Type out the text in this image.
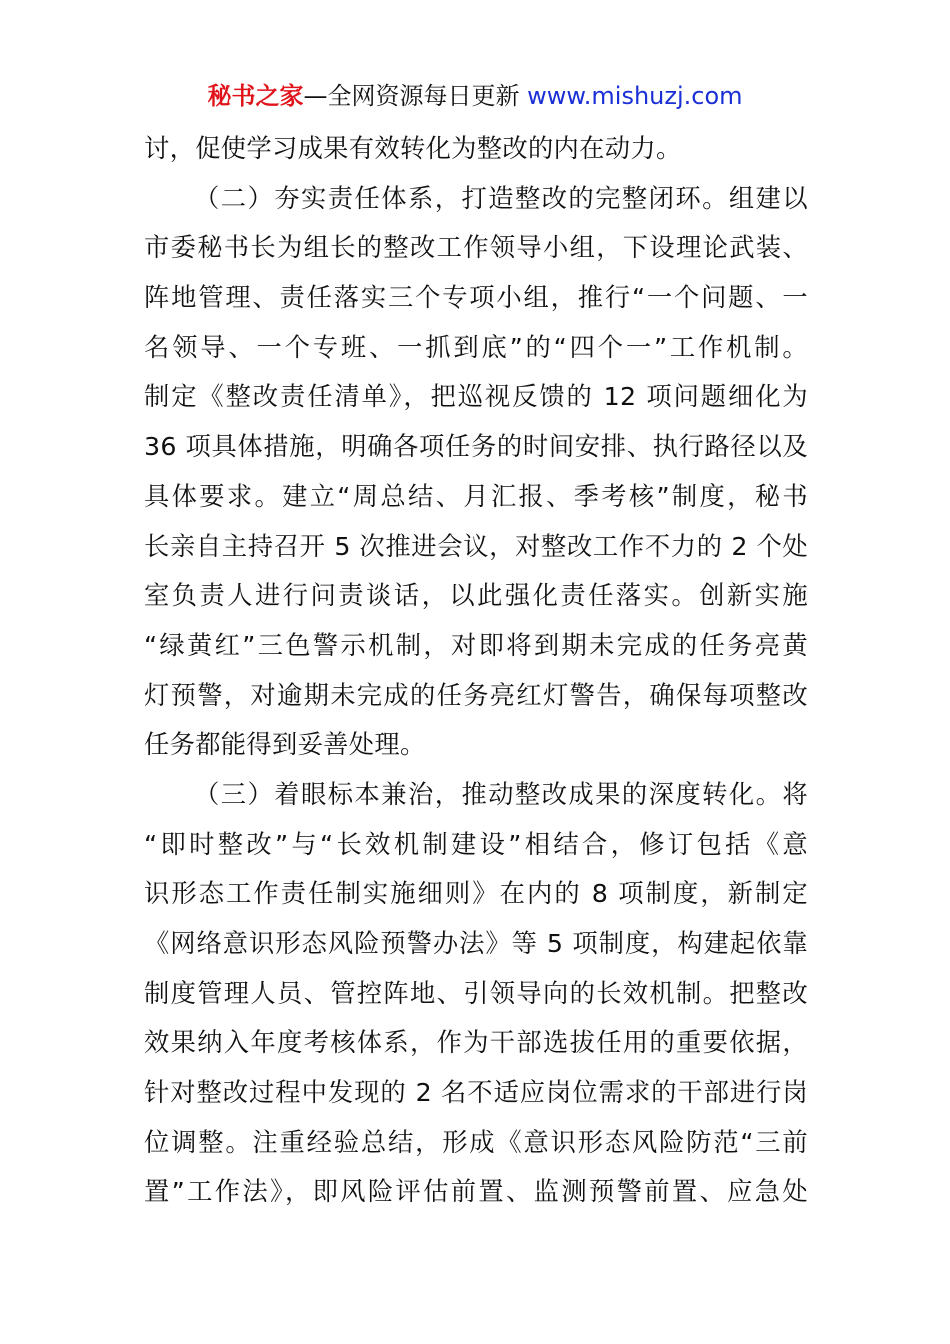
秘书之家—全网资源每日更新 www.mishuzj.com
讨，促使学习成果有效转化为整改的内在动力。
（二）夯实责任体系，打造整改的完整闭环。组建以
市委秘书长为组长的整改工作领导小组，下设理论武装、
阵地管理、责任落实三个专项小组，推行“一个问题、一
名领导、一个专班、一抓到底”的“四个一”工作机制。
制定《整改责任清单》，把巡视反馈的 12 项问题细化为
36 项具体措施，明确各项任务的时间安排、执行路径以及
具体要求。建立“周总结、月汇报、季考核”制度，秘书
长亲自主持召开 5 次推进会议，对整改工作不力的 2 个处
室负责人进行问责谈话，以此强化责任落实。创新实施
“绿黄红”三色警示机制，对即将到期未完成的任务亮黄
灯预警，对逾期未完成的任务亮红灯警告，确保每项整改
任务都能得到妥善处理。
（三）着眼标本兼治，推动整改成果的深度转化。将
“即时整改”与“长效机制建设”相结合，修订包括《意
识形态工作责任制实施细则》在内的 8 项制度，新制定
《网络意识形态风险预警办法》等 5 项制度，构建起依靠
制度管理人员、管控阵地、引领导向的长效机制。把整改
效果纳入年度考核体系，作为干部选拔任用的重要依据，
针对整改过程中发现的 2 名不适应岗位需求的干部进行岗
位调整。注重经验总结，形成《意识形态风险防范“三前
置”工作法》，即风险评估前置、监测预警前置、应急处
